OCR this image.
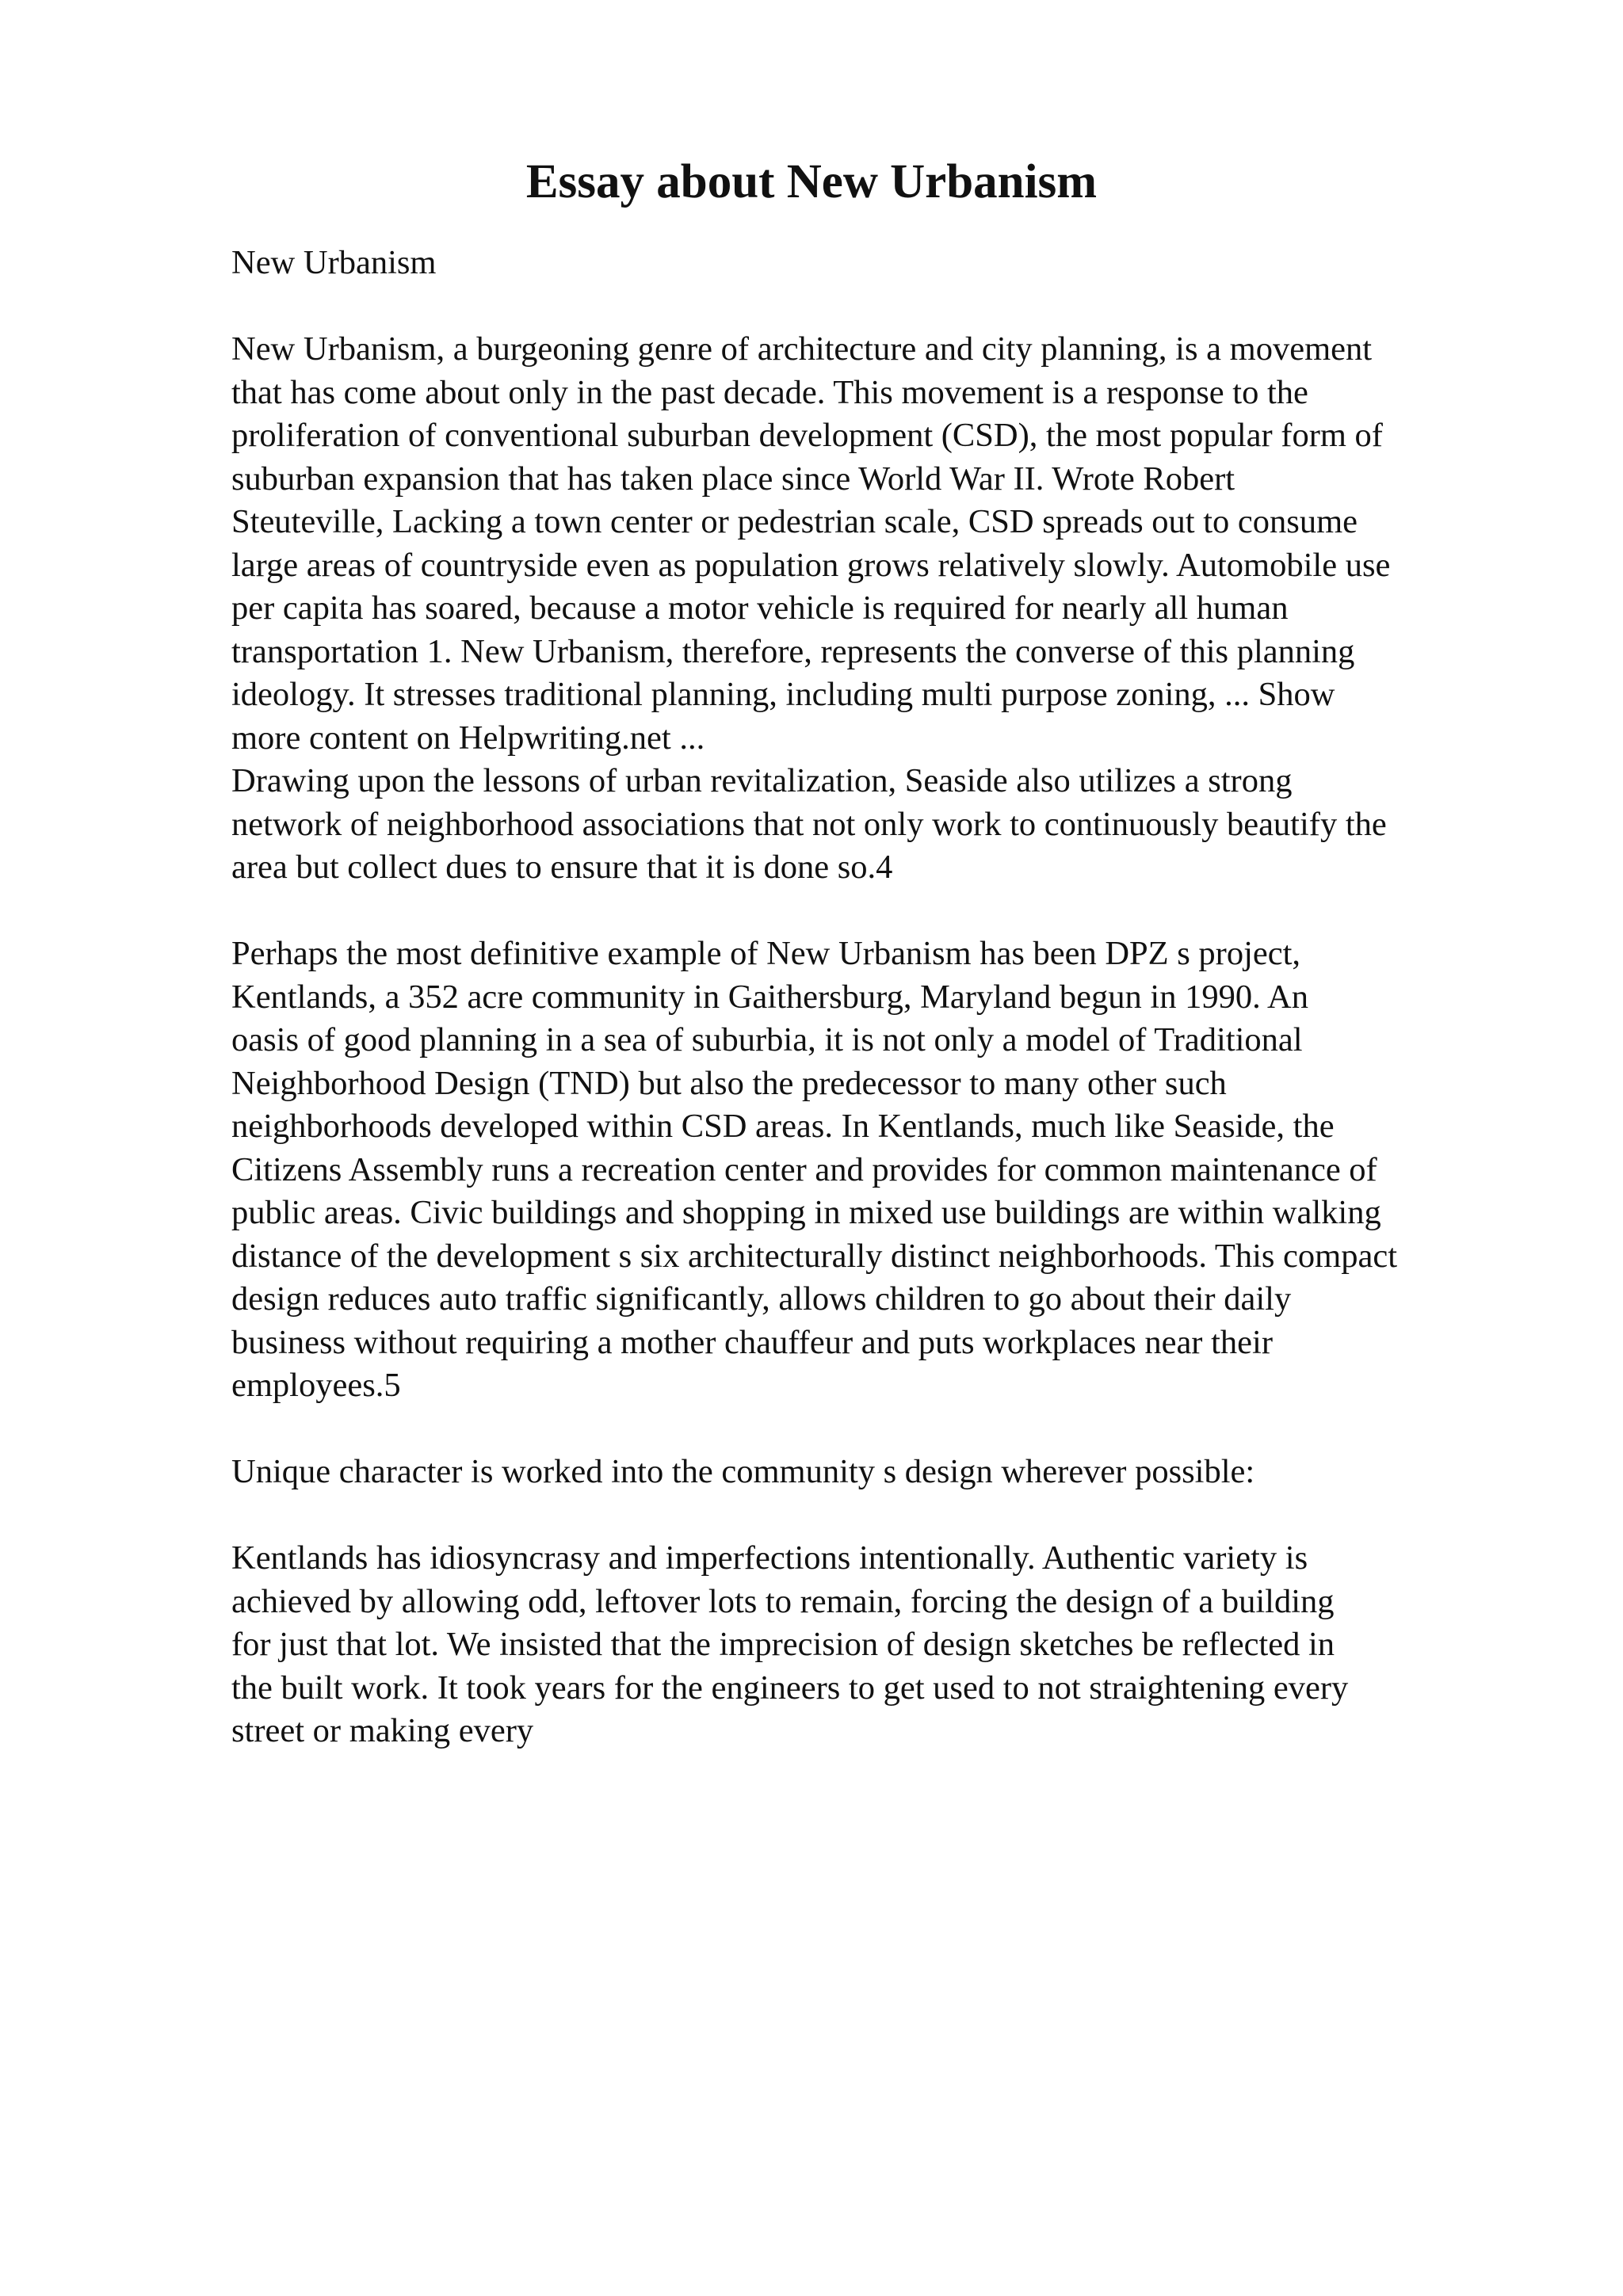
Essay about New Urbanism

New Urbanism

New Urbanism, a burgeoning genre of architecture and city planning, is a movement
that has come about only in the past decade. This movement is a response to the
proliferation of conventional suburban development (CSD), the most popular form of
suburban expansion that has taken place since World War II. Wrote Robert
Steuteville, Lacking a town center or pedestrian scale, CSD spreads out to consume
large areas of countryside even as population grows relatively slowly. Automobile use
per capita has soared, because a motor vehicle is required for nearly all human
transportation 1. New Urbanism, therefore, represents the converse of this planning
ideology. It stresses traditional planning, including multi purpose zoning, ... Show
more content on Helpwriting.net ...

Drawing upon the lessons of urban revitalization, Seaside also utilizes a strong
network of neighborhood associations that not only work to continuously beautify the
area but collect dues to ensure that it is done so.4

Perhaps the most definitive example of New Urbanism has been DPZ s project,
Kentlands, a 352 acre community in Gaithersburg, Maryland begun in 1990. An
oasis of good planning in a sea of suburbia, it is not only a model of Traditional
Neighborhood Design (TND) but also the predecessor to many other such
neighborhoods developed within CSD areas. In Kentlands, much like Seaside, the
Citizens Assembly runs a recreation center and provides for common maintenance of
public areas. Civic buildings and shopping in mixed use buildings are within walking
distance of the development s six architecturally distinct neighborhoods. This compact
design reduces auto traffic significantly, allows children to go about their daily
business without requiring a mother chauffeur and puts workplaces near their
employees.5

Unique character is worked into the community s design wherever possible:

Kentlands has idiosyncrasy and imperfections intentionally. Authentic variety is
achieved by allowing odd, leftover lots to remain, forcing the design of a building
for just that lot. We insisted that the imprecision of design sketches be reflected in
the built work. It took years for the engineers to get used to not straightening every
street or making every
